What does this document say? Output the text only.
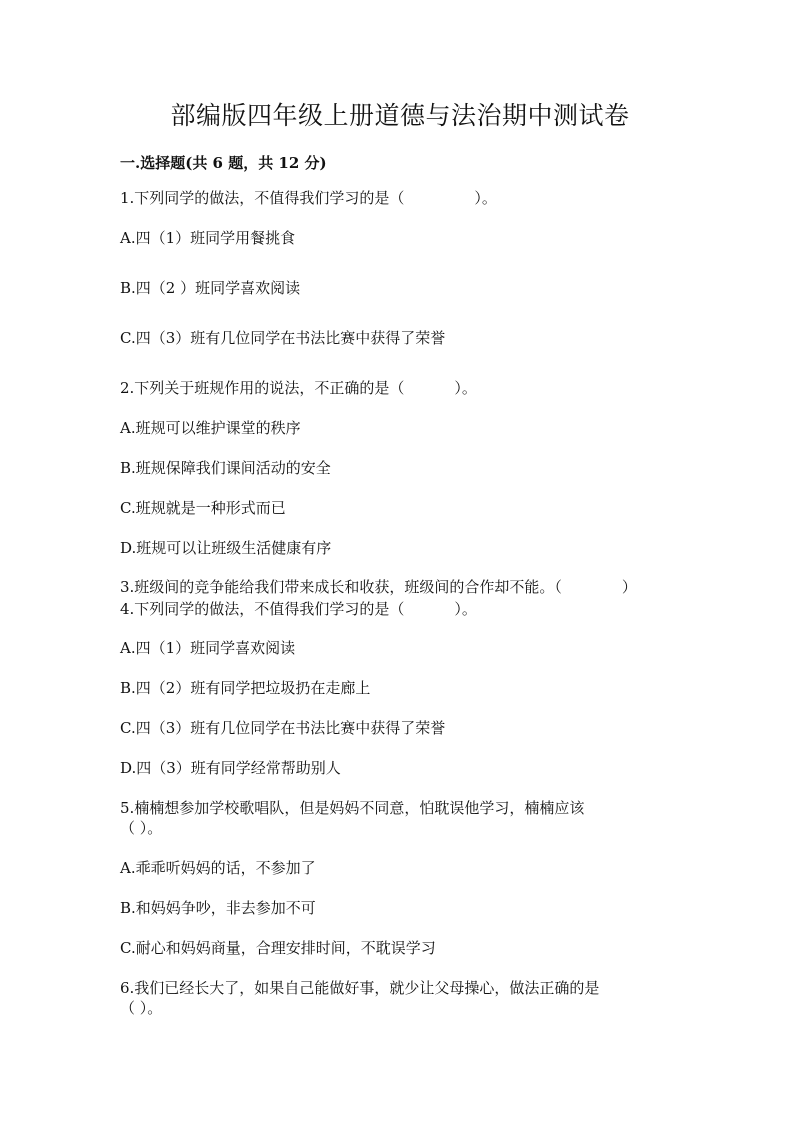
部编版四年级上册道德与法治期中测试卷

一.选择题(共 6 题，共 12 分)

1.下列同学的做法，不值得我们学习的是（	）。

A.四（1）班同学用餐挑食

B.四（2 ）班同学喜欢阅读

C.四（3）班有几位同学在书法比赛中获得了荣誉

2.下列关于班规作用的说法，不正确的是（	）。

A.班规可以维护课堂的秩序

B.班规保障我们课间活动的安全

C.班规就是一种形式而已

D.班规可以让班级生活健康有序

3.班级间的竞争能给我们带来成长和收获，班级间的合作却不能。（	）

4.下列同学的做法，不值得我们学习的是（	）。

A.四（1）班同学喜欢阅读

B.四（2）班有同学把垃圾扔在走廊上

C.四（3）班有几位同学在书法比赛中获得了荣誉

D.四（3）班有同学经常帮助别人

5.楠楠想参加学校歌唱队，但是妈妈不同意，怕耽误他学习，楠楠应该

（ ）。

A.乖乖听妈妈的话，不参加了

B.和妈妈争吵，非去参加不可

C.耐心和妈妈商量，合理安排时间，不耽误学习

6.我们已经长大了，如果自己能做好事，就少让父母操心，做法正确的是

（ ）。
